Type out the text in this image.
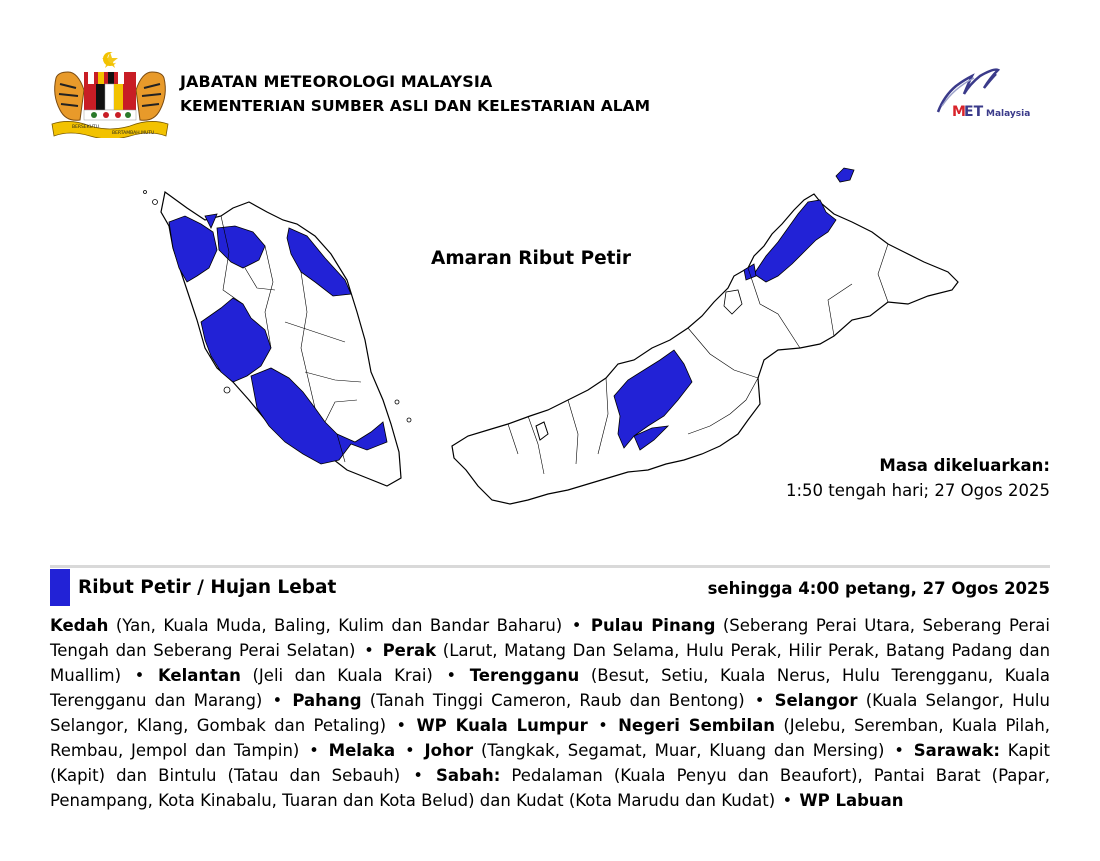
BERSEKUTU
BERTAMBAH MUTU
JABATAN METEOROLOGI MALAYSIA
KEMENTERIAN SUMBER ASLI DAN KELESTARIAN ALAM	M
ET Malaysia
Amaran Ribut Petir
Masa dikeluarkan:
1:50 tengah hari; 27 Ogos 2025
Ribut Petir / Hujan Lebat	sehingga 4:00 petang, 27 Ogos 2025
Kedah (Yan, Kuala Muda, Baling, Kulim dan Bandar Baharu) • Pulau Pinang (Seberang Perai Utara, Seberang Perai Tengah dan Seberang Perai Selatan) • Perak (Larut, Matang Dan Selama, Hulu Perak, Hilir Perak, Batang Padang dan Muallim) • Kelantan (Jeli dan Kuala Krai) • Terengganu (Besut, Setiu, Kuala Nerus, Hulu Terengganu, Kuala Terengganu dan Marang) • Pahang (Tanah Tinggi Cameron, Raub dan Bentong) • Selangor (Kuala Selangor, Hulu Selangor, Klang, Gombak dan Petaling) • WP Kuala Lumpur • Negeri Sembilan (Jelebu, Seremban, Kuala Pilah, Rembau, Jempol dan Tampin) • Melaka • Johor (Tangkak, Segamat, Muar, Kluang dan Mersing) • Sarawak: Kapit (Kapit) dan Bintulu (Tatau dan Sebauh) • Sabah: Pedalaman (Kuala Penyu dan Beaufort), Pantai Barat (Papar, Penampang, Kota Kinabalu, Tuaran dan Kota Belud) dan Kudat (Kota Marudu dan Kudat) • WP Labuan
